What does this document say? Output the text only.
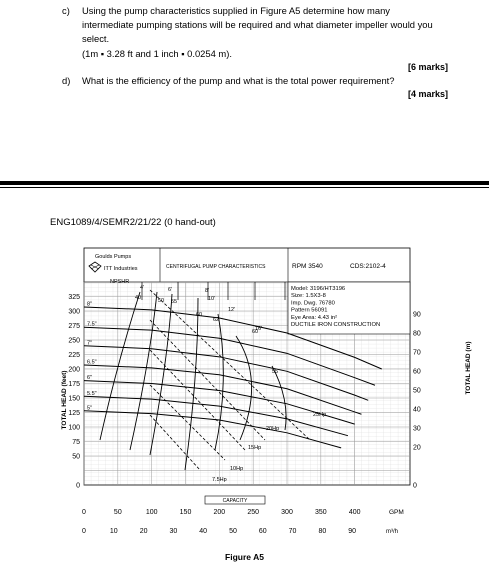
c) Using the pump characteristics supplied in Figure A5 determine how many
intermediate pumping stations will be required and what diameter impeller would you
select.
(1m ▪ 3.28 ft and 1 inch ▪ 0.0254 m).
[6 marks]
d) What is the efficiency of the pump and what is the total power requirement?
[4 marks]
ENG1089/4/SEMR2/21/22 (0 hand-out)
Goulds Pumps
ITT Industries	CENTRIFUGAL PUMP CHARACTERISTICS	RPM 3540	CDS:2102-4
Model: 3196/HT3196
Size: 1.5X3-8
Imp. Dwg. 76780
Pattern 56091
Eye Area: 4.43 in²
DUCTILE IRON CONSTRUCTION
NPSHR
8"
7.5"
7"
6.5"
6"
5.5"
5"
40	50 55
60
62
60
55
25Hp
20Hp
15Hp
10Hp
7.5Hp
4'	6'	8'
10'
12'
16'
0
50
75
100
125
150
175
200
225
250
275
300
325
0
20
30
40
50
60
70
80
90
0	50	100	150	200	250	300	350	400
0	10	20	30	40	50	60	70	80	90
TOTAL HEAD (feet)
TOTAL HEAD (m)
GPM
m³/h
CAPACITY
Figure A5
